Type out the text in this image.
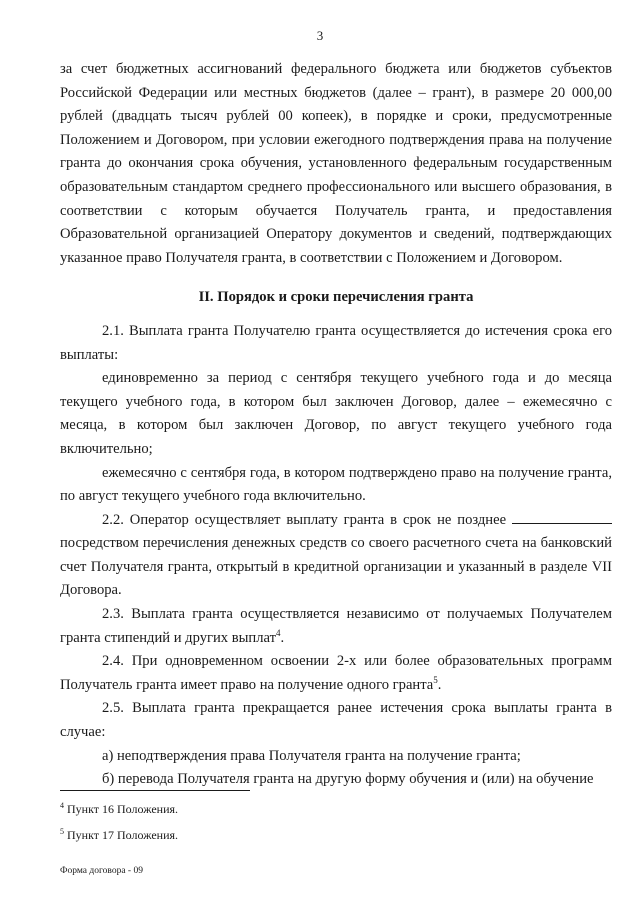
3

за счет бюджетных ассигнований федерального бюджета или бюджетов субъектов Российской Федерации или местных бюджетов (далее – грант), в размере 20 000,00 рублей (двадцать тысяч рублей 00 копеек), в порядке и сроки, предусмотренные Положением и Договором, при условии ежегодного подтверждения права на получение гранта до окончания срока обучения, установленного федеральным государственным образовательным стандартом среднего профессионального или высшего образования, в соответствии с которым обучается Получатель гранта, и предоставления Образовательной организацией Оператору документов и сведений, подтверждающих указанное право Получателя гранта, в соответствии с Положением и Договором.

II. Порядок и сроки перечисления гранта

2.1. Выплата гранта Получателю гранта осуществляется до истечения срока его выплаты:

единовременно за период с сентября текущего учебного года и до месяца текущего учебного года, в котором был заключен Договор, далее – ежемесячно с месяца, в котором был заключен Договор, по август текущего учебного года включительно;

ежемесячно с сентября года, в котором подтверждено право на получение гранта, по август текущего учебного года включительно.

2.2. Оператор осуществляет выплату гранта в срок не позднее  посредством перечисления денежных средств со своего расчетного счета на банковский счет Получателя гранта, открытый в кредитной организации и указанный в разделе VII Договора.

2.3. Выплата гранта осуществляется независимо от получаемых Получателем гранта стипендий и других выплат$^4$.

2.4. При одновременном освоении 2-х или более образовательных программ Получатель гранта имеет право на получение одного гранта$^5$.

2.5. Выплата гранта прекращается ранее истечения срока выплаты гранта в случае:

а) неподтверждения права Получателя гранта на получение гранта;

б) перевода Получателя гранта на другую форму обучения и (или) на обучение

$^4$ Пункт 16 Положения.

$^5$ Пункт 17 Положения.

Форма договора - 09
